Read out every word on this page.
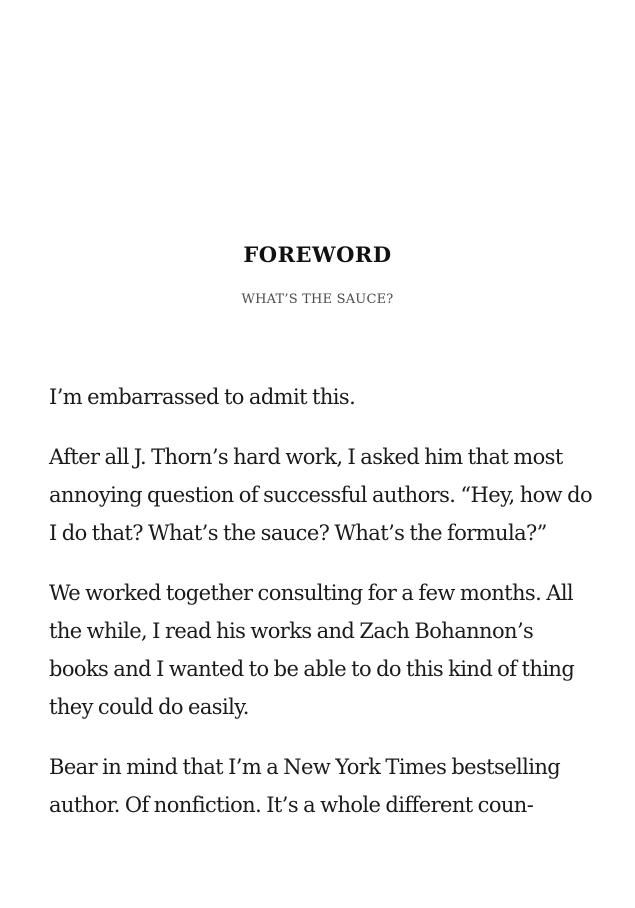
FOREWORD
WHAT’S THE SAUCE?

I’m embarrassed to admit this.

After all J. Thorn’s hard work, I asked him that most annoying question of successful authors. “Hey, how do I do that? What’s the sauce? What’s the formula?”

We worked together consulting for a few months. All the while, I read his works and Zach Bohannon’s books and I wanted to be able to do this kind of thing they could do easily.

Bear in mind that I’m a New York Times bestselling author. Of nonfiction. It’s a whole different coun-
